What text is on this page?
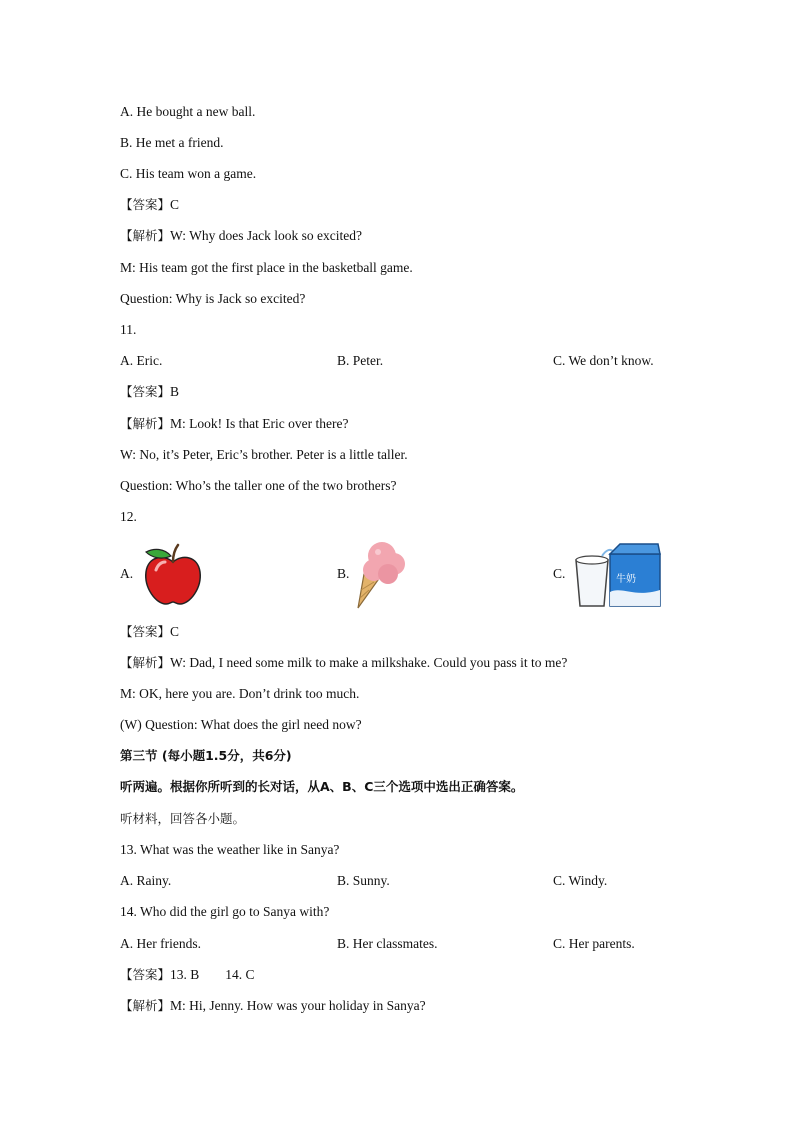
A. He bought a new ball.
B. He met a friend.
C. His team won a game.
【答案】C
【解析】W: Why does Jack look so excited?
M: His team got the first place in the basketball game.
Question: Why is Jack so excited?
11.
A. Eric.	B. Peter.	C. We don’t know.
【答案】B
【解析】M: Look! Is that Eric over there?
W: No, it’s Peter, Eric’s brother. Peter is a little taller.
Question: Who’s the taller one of the two brothers?
12.
A.	B.	C.	牛奶
【答案】C
【解析】W: Dad, I need some milk to make a milkshake. Could you pass it to me?
M: OK, here you are. Don’t drink too much.
(W) Question: What does the girl need now?
第三节 (每小题1.5分，共6分)
听两遍。根据你所听到的长对话，从A、B、C三个选项中选出正确答案。
听材料，回答各小题。
13. What was the weather like in Sanya?
A. Rainy.	B. Sunny.	C. Windy.
14. Who did the girl go to Sanya with?
A. Her friends.	B. Her classmates.	C. Her parents.
【答案】13. B 14. C
【解析】M: Hi, Jenny. How was your holiday in Sanya?
